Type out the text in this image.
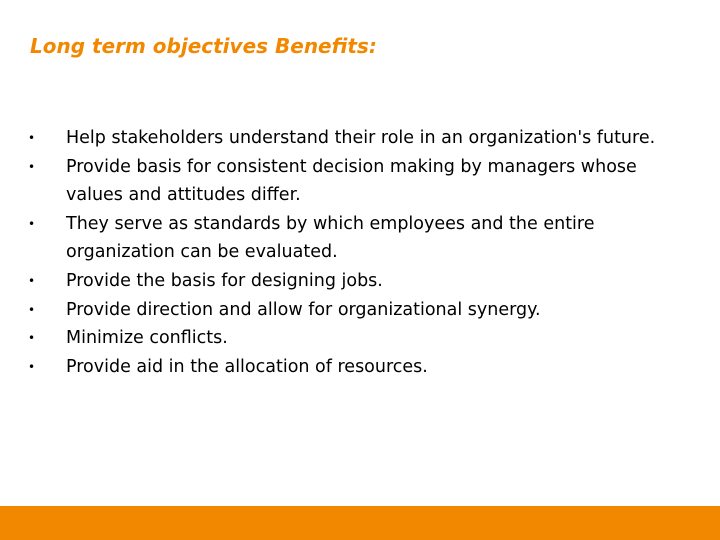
Long term objectives Benefits:
• Help stakeholders understand their role in an organization's future.
• Provide basis for consistent decision making by managers whose values and attitudes differ.
• They serve as standards by which employees and the entire organization can be evaluated.
• Provide the basis for designing jobs.
• Provide direction and allow for organizational synergy.
• Minimize conflicts.
• Provide aid in the allocation of resources.
